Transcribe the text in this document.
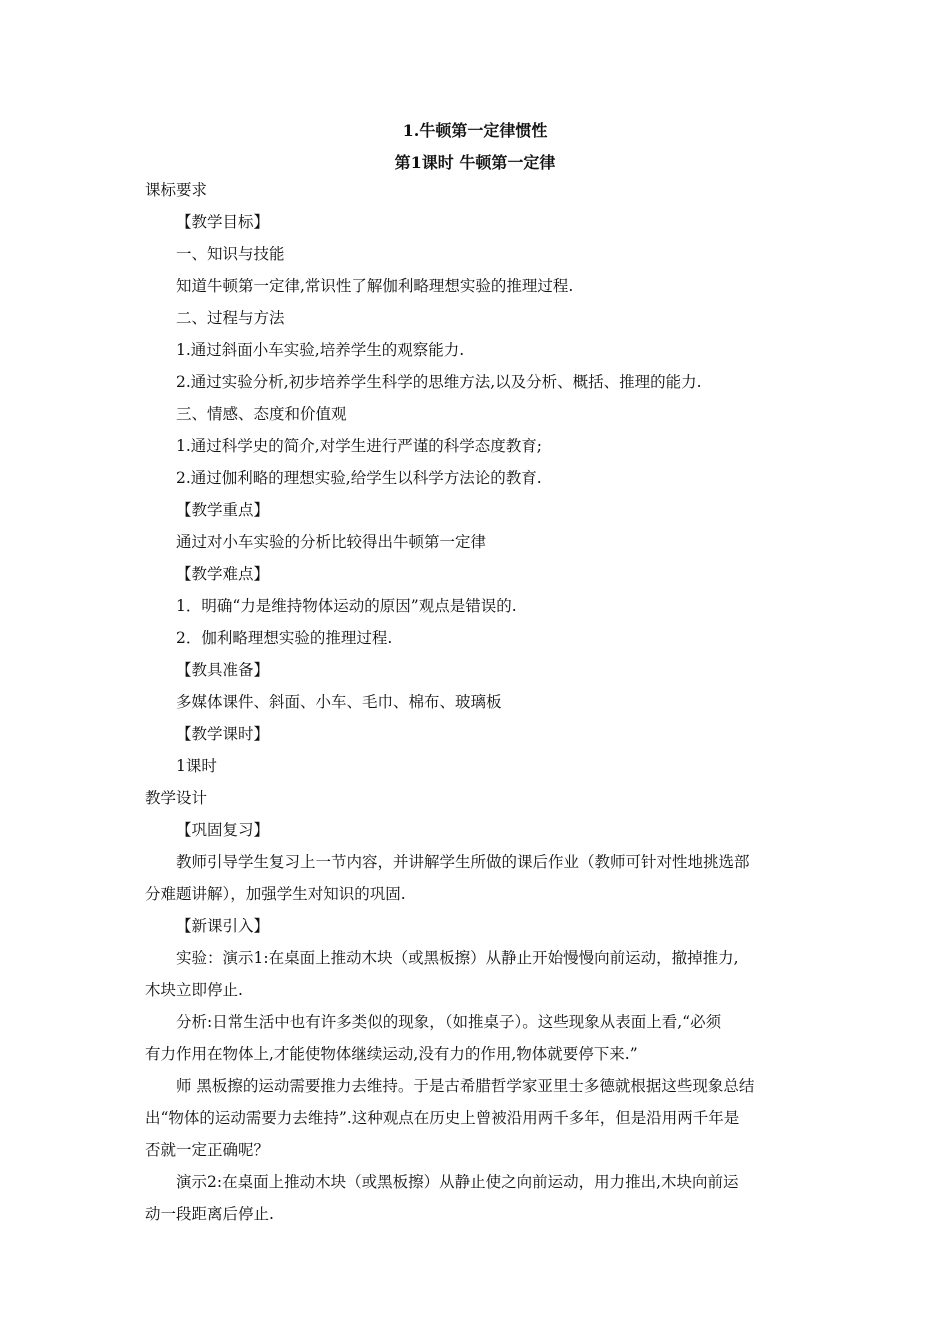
1.牛顿第一定律惯性
第1课时 牛顿第一定律
课标要求
【教学目标】
一、知识与技能
知道牛顿第一定律,常识性了解伽利略理想实验的推理过程.
二、过程与方法
1.通过斜面小车实验,培养学生的观察能力.
2.通过实验分析,初步培养学生科学的思维方法,以及分析、概括、推理的能力.
三、情感、态度和价值观
1.通过科学史的简介,对学生进行严谨的科学态度教育;
2.通过伽利略的理想实验,给学生以科学方法论的教育.
【教学重点】
通过对小车实验的分析比较得出牛顿第一定律
【教学难点】
1．明确“力是维持物体运动的原因”观点是错误的.
2．伽利略理想实验的推理过程.
【教具准备】
多媒体课件、斜面、小车、毛巾、棉布、玻璃板
【教学课时】
1课时
教学设计
【巩固复习】
教师引导学生复习上一节内容，并讲解学生所做的课后作业（教师可针对性地挑选部
分难题讲解），加强学生对知识的巩固.
【新课引入】
实验：演示1:在桌面上推动木块（或黑板擦）从静止开始慢慢向前运动，撤掉推力,
木块立即停止.
分析:日常生活中也有许多类似的现象，（如推桌子）。这些现象从表面上看,“必须
有力作用在物体上,才能使物体继续运动,没有力的作用,物体就要停下来.”
师 黑板擦的运动需要推力去维持。于是古希腊哲学家亚里士多德就根据这些现象总结
出“物体的运动需要力去维持”.这种观点在历史上曾被沿用两千多年，但是沿用两千年是
否就一定正确呢？
演示2:在桌面上推动木块（或黑板擦）从静止使之向前运动，用力推出,木块向前运
动一段距离后停止.
